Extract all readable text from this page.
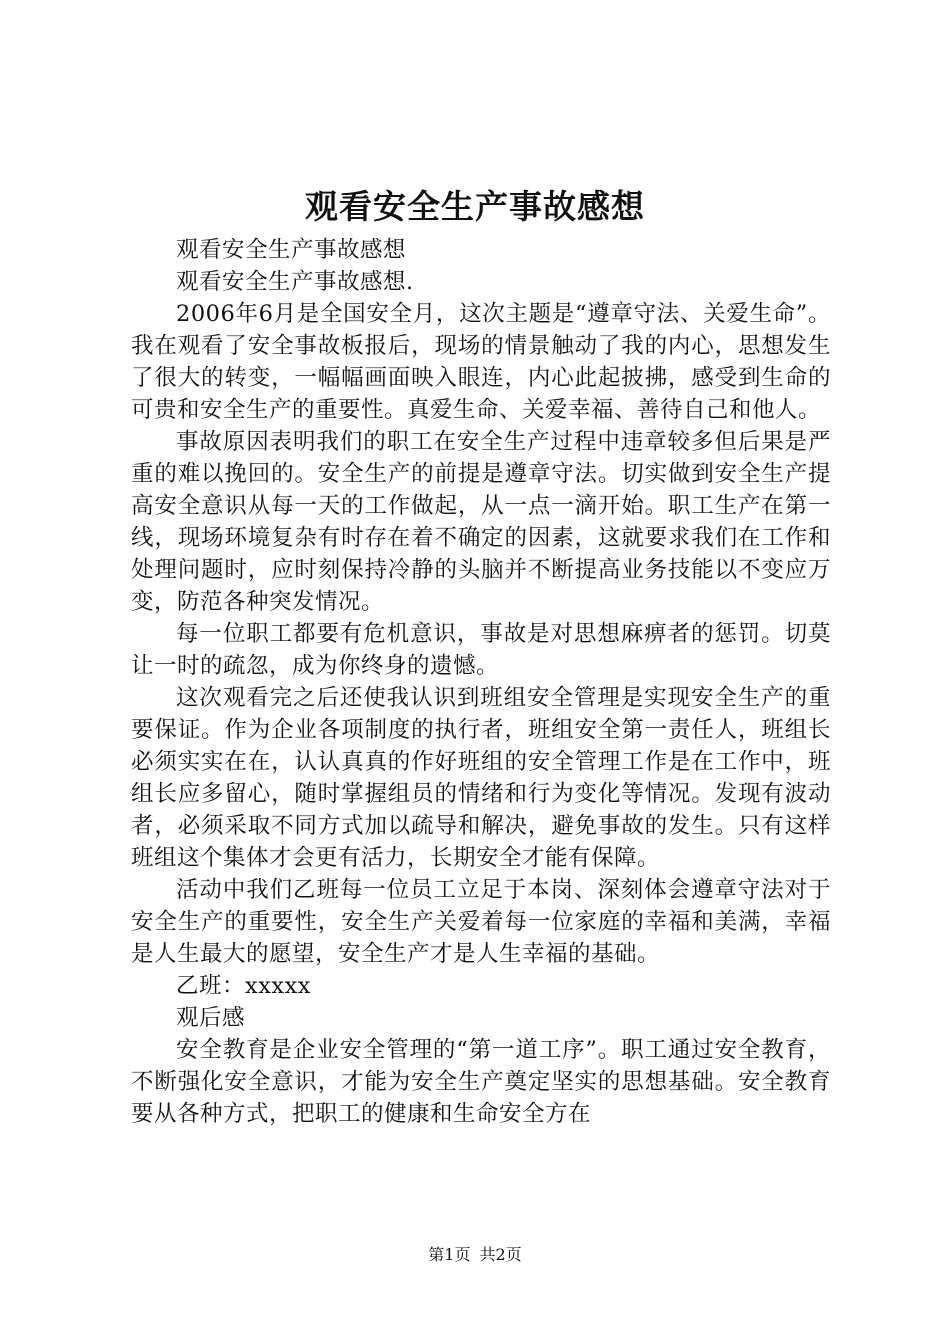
观看安全生产事故感想

观看安全生产事故感想

观看安全生产事故感想.

2006年6月是全国安全月，这次主题是“遵章守法、关爱生命”。我在观看了安全事故板报后，现场的情景触动了我的内心，思想发生了很大的转变，一幅幅画面映入眼连，内心此起披拂，感受到生命的可贵和安全生产的重要性。真爱生命、关爱幸福、善待自己和他人。

事故原因表明我们的职工在安全生产过程中违章较多但后果是严重的难以挽回的。安全生产的前提是遵章守法。切实做到安全生产提高安全意识从每一天的工作做起，从一点一滴开始。职工生产在第一线，现场环境复杂有时存在着不确定的因素，这就要求我们在工作和处理问题时，应时刻保持冷静的头脑并不断提高业务技能以不变应万变，防范各种突发情况。

每一位职工都要有危机意识，事故是对思想麻痹者的惩罚。切莫让一时的疏忽，成为你终身的遗憾。

这次观看完之后还使我认识到班组安全管理是实现安全生产的重要保证。作为企业各项制度的执行者，班组安全第一责任人，班组长必须实实在在，认认真真的作好班组的安全管理工作是在工作中，班组长应多留心，随时掌握组员的情绪和行为变化等情况。发现有波动者，必须采取不同方式加以疏导和解决，避免事故的发生。只有这样班组这个集体才会更有活力，长期安全才能有保障。

活动中我们乙班每一位员工立足于本岗、深刻体会遵章守法对于安全生产的重要性，安全生产关爱着每一位家庭的幸福和美满，幸福是人生最大的愿望，安全生产才是人生幸福的基础。

乙班：xxxxx

观后感

安全教育是企业安全管理的“第一道工序”。职工通过安全教育，不断强化安全意识，才能为安全生产奠定坚实的思想基础。安全教育要从各种方式，把职工的健康和生命安全方在

第1页 共2页
